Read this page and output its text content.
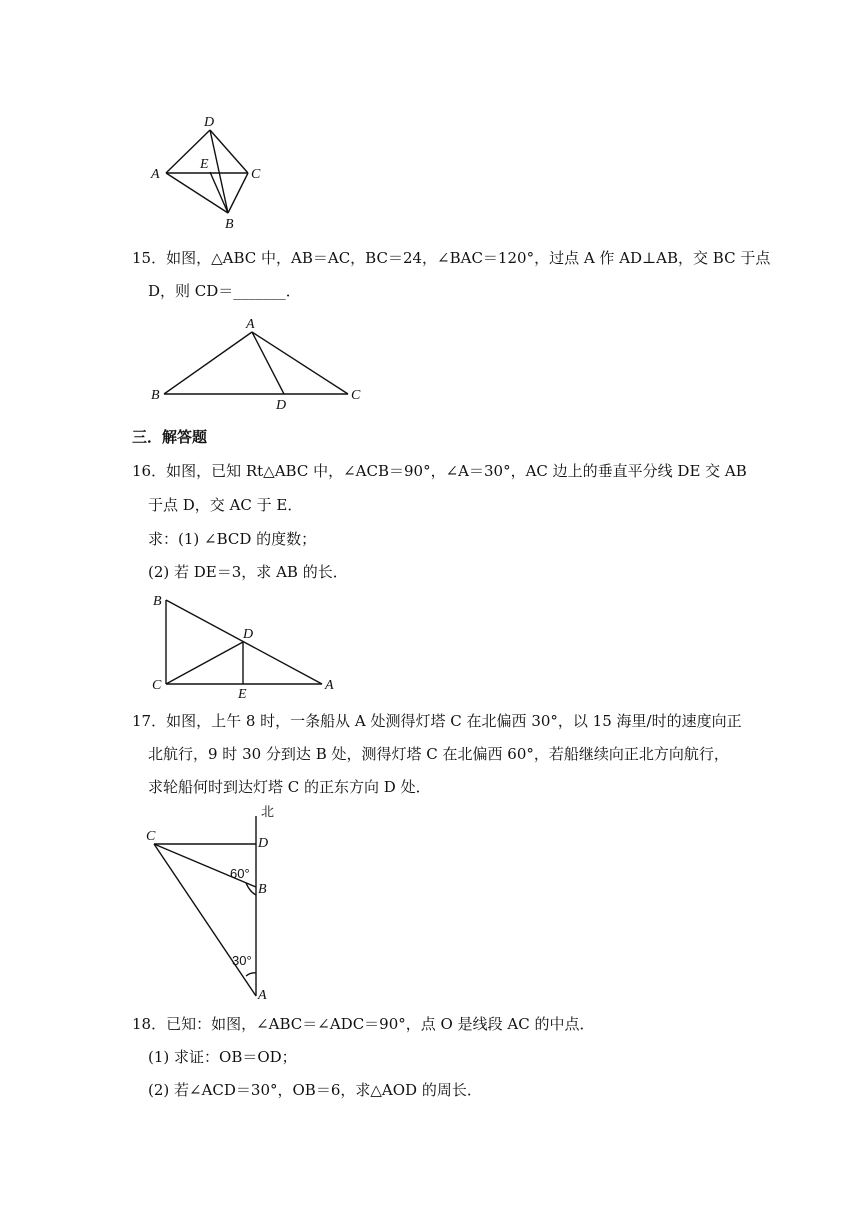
D
E
A	C
B
15．如图，△ABC 中，AB＝AC，BC＝24，∠BAC＝120°，过点 A 作 AD⊥AB，交 BC 于点
D，则 CD＝_______．
A
B	C
D
三．解答题
16．如图，已知 Rt△ABC 中，∠ACB＝90°，∠A＝30°，AC 边上的垂直平分线 DE 交 AB
于点 D，交 AC 于 E．
求：(1) ∠BCD 的度数；
(2) 若 DE＝3，求 AB 的长．
B
D
C
E
A
17．如图，上午 8 时，一条船从 A 处测得灯塔 C 在北偏西 30°，以 15 海里/时的速度向正
北航行，9 时 30 分到达 B 处，测得灯塔 C 在北偏西 60°，若船继续向正北方向航行，
求轮船何时到达灯塔 C 的正东方向 D 处．
北
C	D
60°
B
30°
A
18．已知：如图，∠ABC＝∠ADC＝90°，点 O 是线段 AC 的中点．
(1) 求证：OB＝OD；
(2) 若∠ACD＝30°，OB＝6，求△AOD 的周长．
